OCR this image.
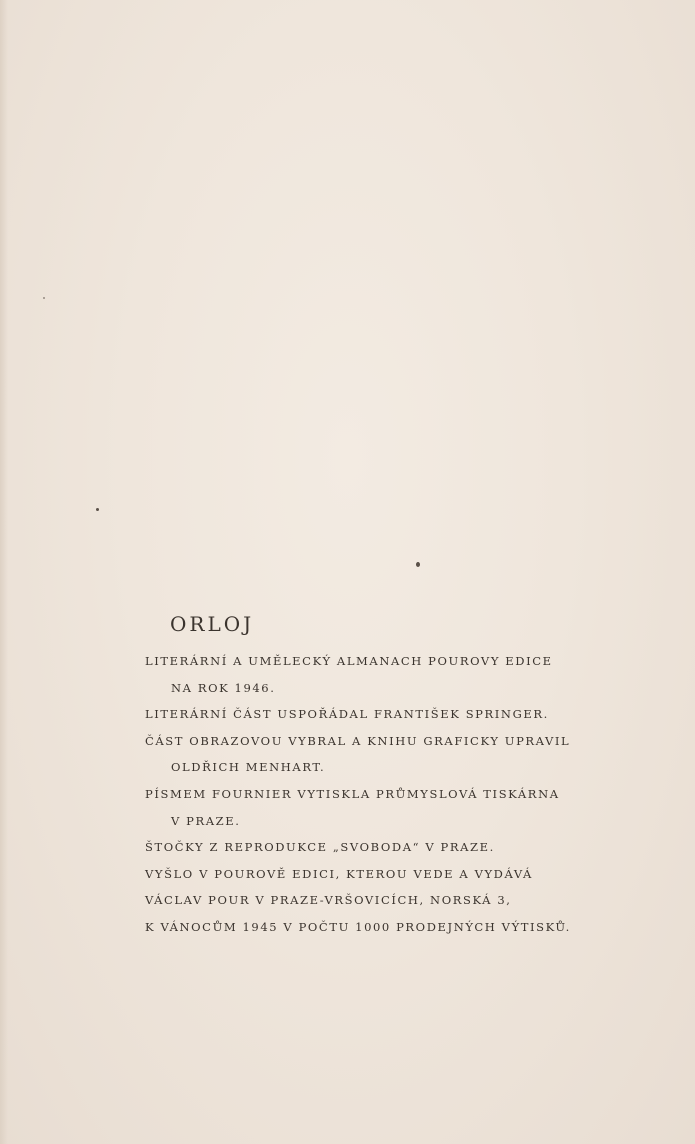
ORLOJ
LITERÁRNÍ A UMĚLECKÝ ALMANACH POUROVY EDICE
NA ROK 1946.
LITERÁRNÍ ČÁST USPOŘÁDAL FRANTIŠEK SPRINGER.
ČÁST OBRAZOVOU VYBRAL A KNIHU GRAFICKY UPRAVIL
OLDŘICH MENHART.
PÍSMEM FOURNIER VYTISKLA PRŮMYSLOVÁ TISKÁRNA
V PRAZE.
ŠTOČKY Z REPRODUKCE „SVOBODA“ V PRAZE.
VYŠLO V POUROVĚ EDICI, KTEROU VEDE A VYDÁVÁ
VÁCLAV POUR V PRAZE-VRŠOVICÍCH, NORSKÁ 3,
K VÁNOCŮM 1945 V POČTU 1000 PRODEJNÝCH VÝTISKŮ.
